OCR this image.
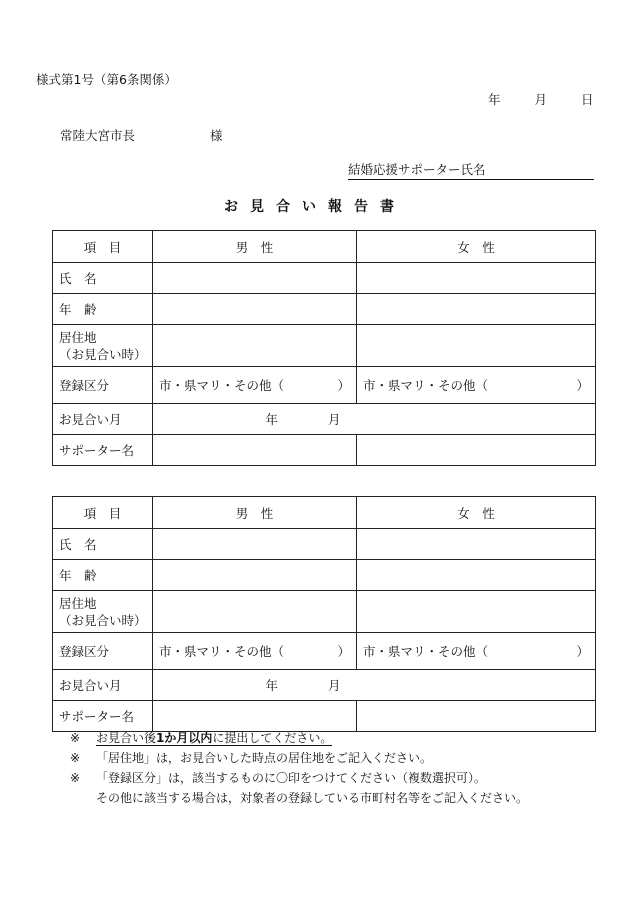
様式第1号（第6条関係）
年	月	日
常陸大宮市長	様
結婚応援サポーター氏名
お見合い報告書
項　目	男　性	女　性
氏　名		
年　齢		

居住地
（お見合い時）		

登録区分	市・県マリ・その他（ ）	市・県マリ・その他（ ）

お見合い月	年 月	
サポーター名		
項　目	男　性	女　性
氏　名		
年　齢		

居住地
（お見合い時）		

登録区分	市・県マリ・その他（ ）	市・県マリ・その他（ ）

お見合い月	年 月	
サポーター名		
※ お見合い後1か月以内に提出してください。
※ 「居住地」は，お見合いした時点の居住地をご記入ください。
※ 「登録区分」は，該当するものに〇印をつけてください（複数選択可）。
その他に該当する場合は，対象者の登録している市町村名等をご記入ください。
